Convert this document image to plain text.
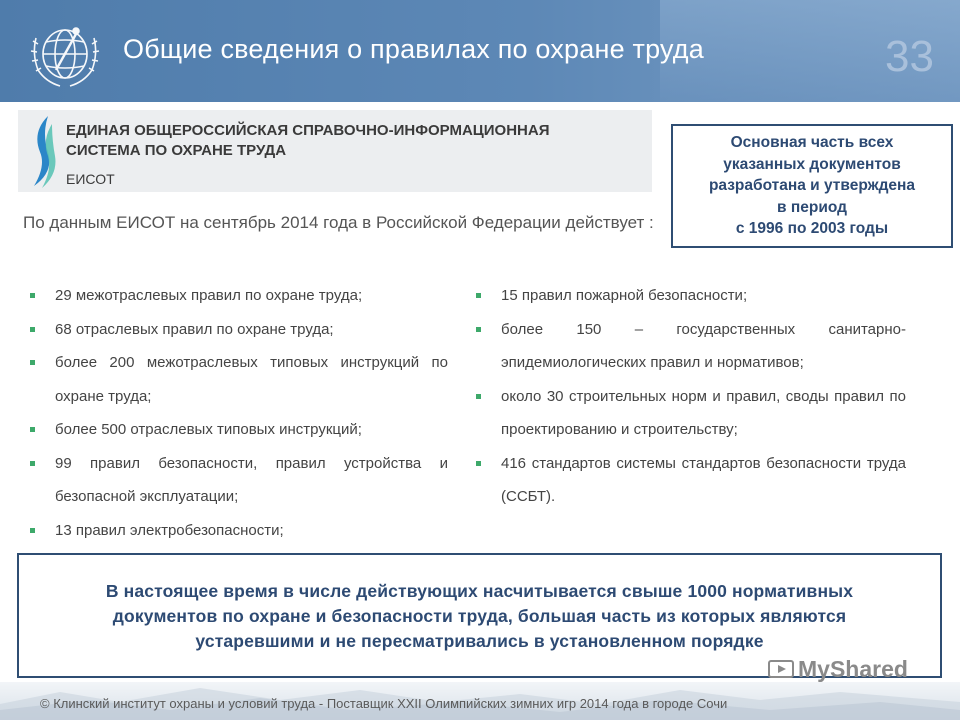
Общие сведения о правилах по охране труда	33
ЕДИНАЯ ОБЩЕРОССИЙСКАЯ СПРАВОЧНО-ИНФОРМАЦИОННАЯ
СИСТЕМА ПО ОХРАНЕ ТРУДА
ЕИСОТ
Основная часть всех
указанных документов
разработана и утверждена
в период
с 1996 по 2003 годы
По данным ЕИСОТ на сентябрь 2014 года в Российской Федерации действует :
29 межотраслевых правил по охране труда;
68 отраслевых правил по охране труда;
более 200 межотраслевых типовых инструкций по охране труда;
более 500 отраслевых типовых инструкций;
99 правил безопасности, правил устройства и безопасной эксплуатации;
13 правил электробезопасности;
15 правил пожарной безопасности;
более 150 – государственных санитарно-эпидемиологических правил и нормативов;
около 30 строительных норм и правил, своды правил по проектированию и строительству;
416 стандартов системы стандартов безопасности труда (ССБТ).
В настоящее время в числе действующих насчитывается свыше 1000 нормативных
документов по охране и безопасности труда, большая часть из которых являются
устаревшими и не пересматривались в установленном порядке
© Клинский институт охраны и условий труда - Поставщик XXII Олимпийских зимних игр 2014 года в городе Сочи
MyShared
